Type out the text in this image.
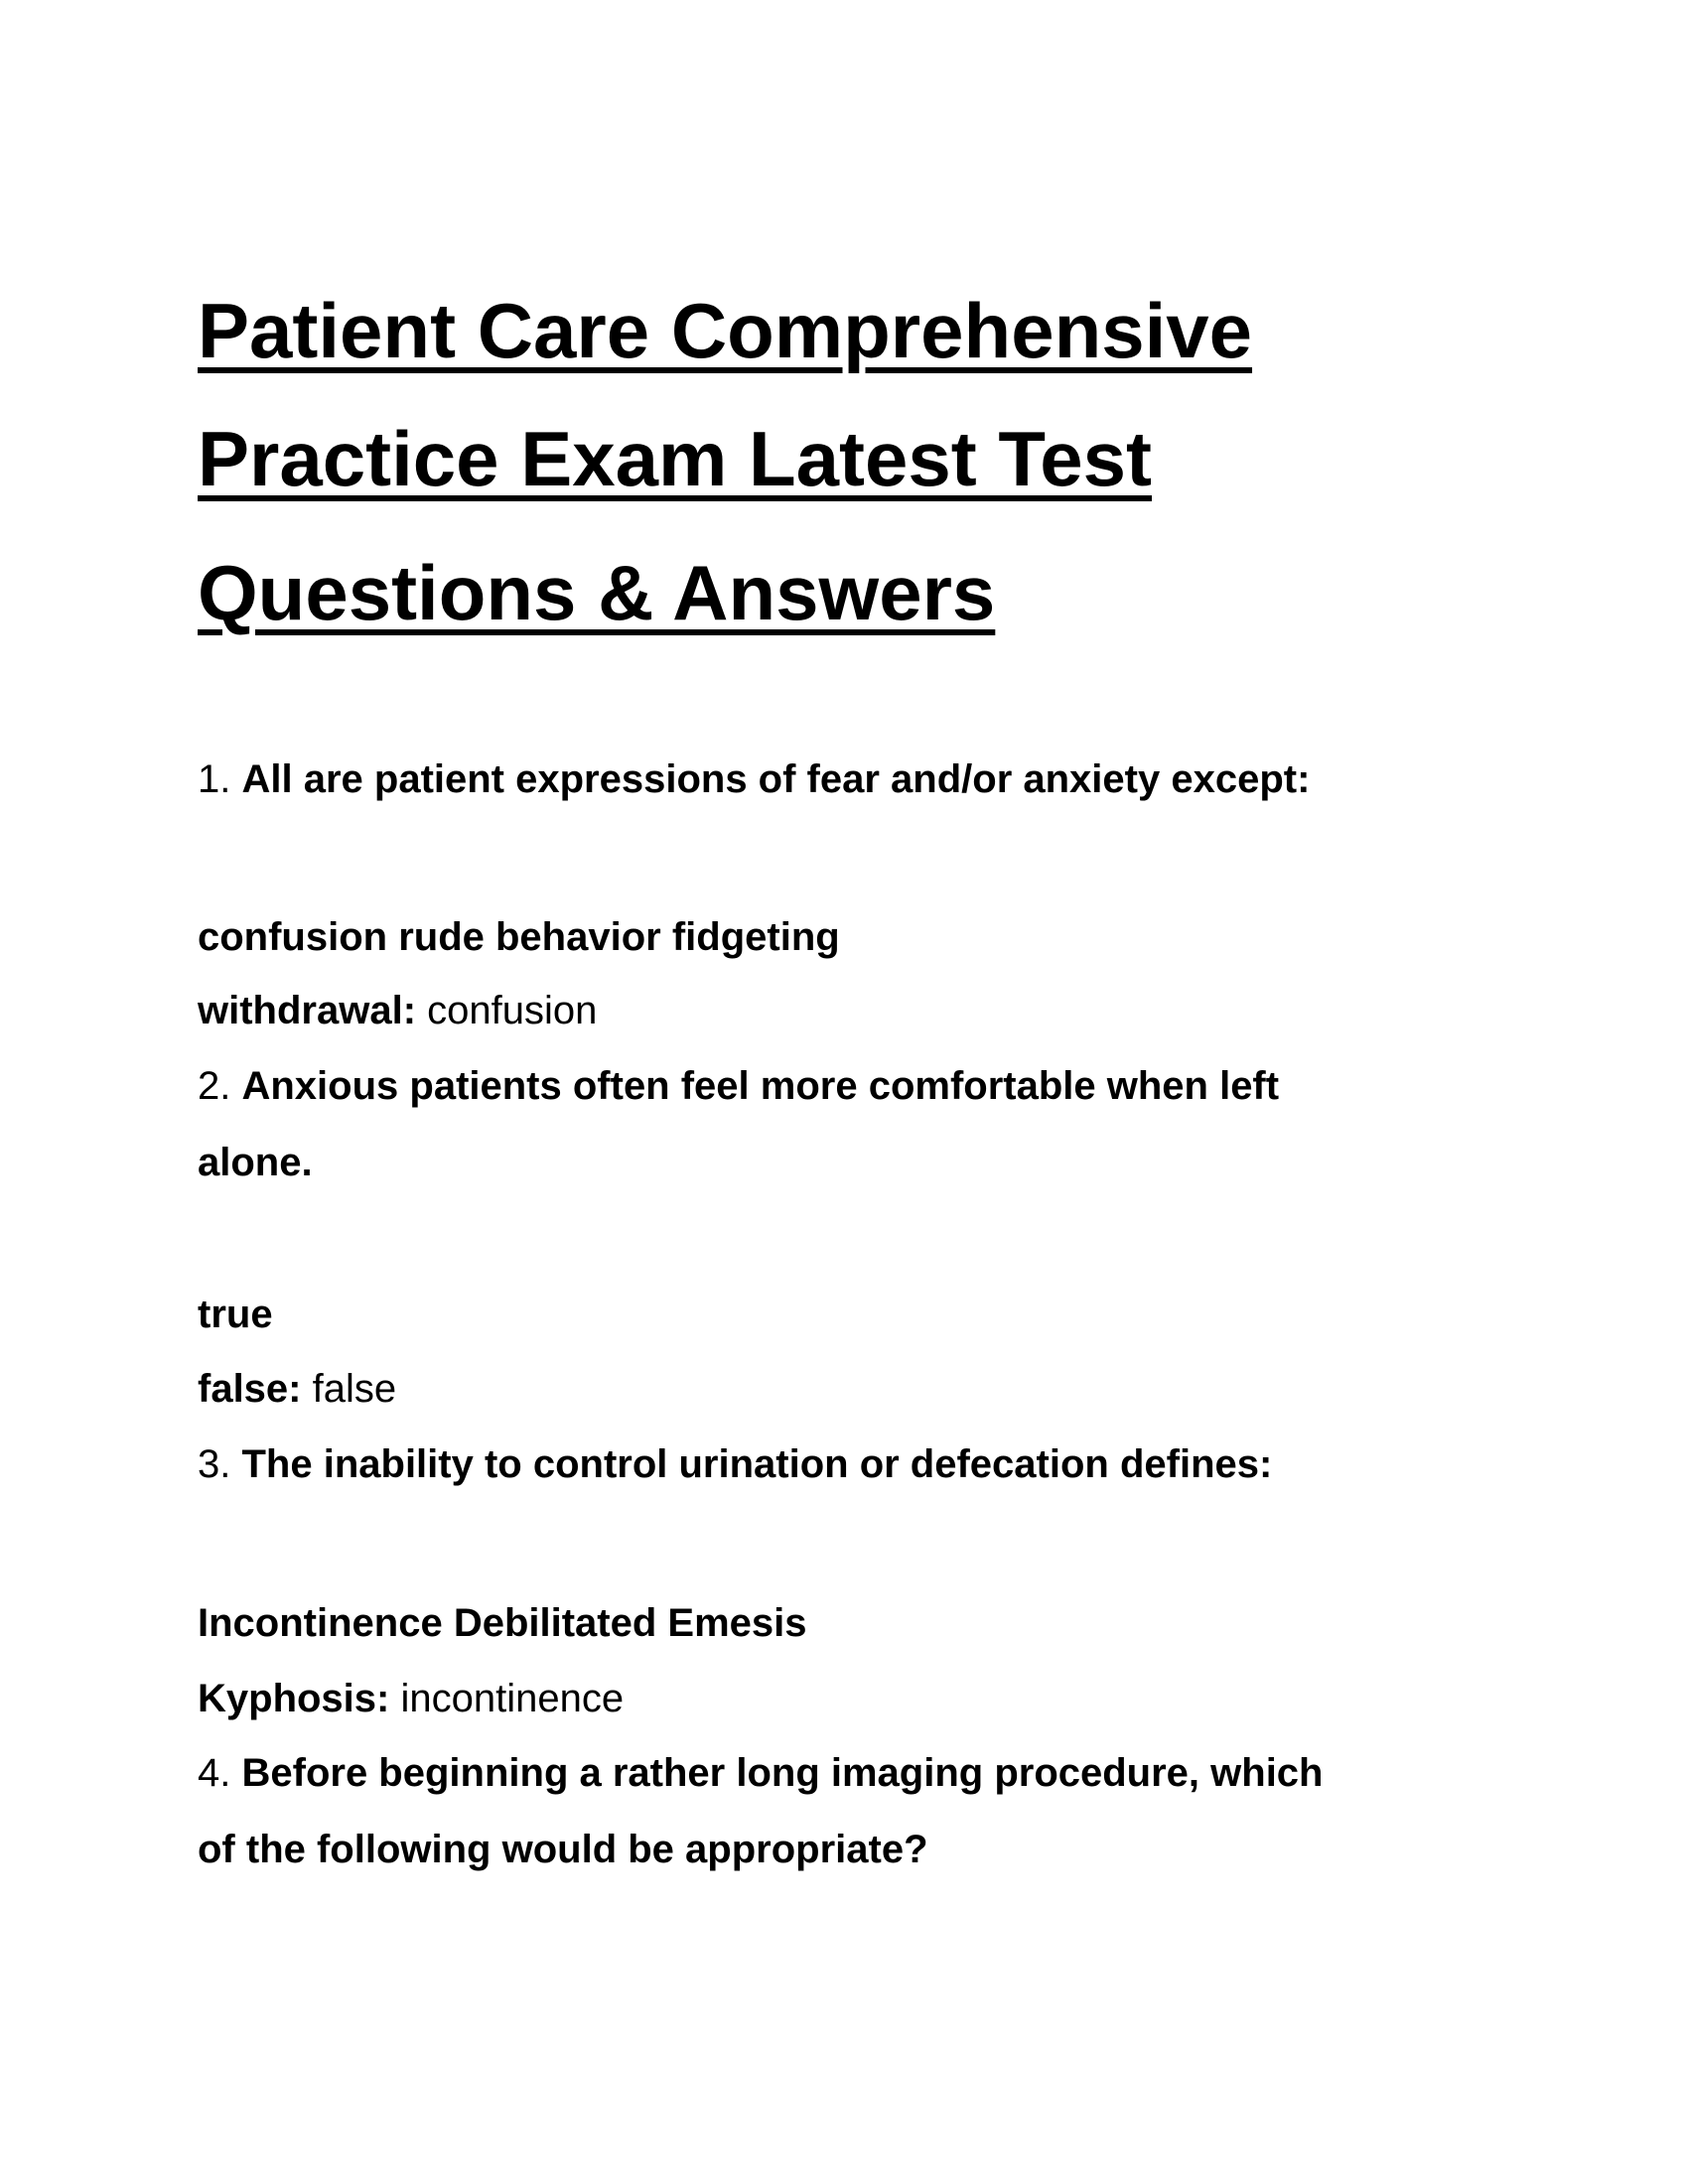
Patient Care Comprehensive
Practice Exam Latest Test
Questions & Answers
1. All are patient expressions of fear and/or anxiety except:
confusion rude behavior fidgeting
withdrawal: confusion
2. Anxious patients often feel more comfortable when left
alone.
true
false: false
3. The inability to control urination or defecation defines:
Incontinence Debilitated Emesis
Kyphosis: incontinence
4. Before beginning a rather long imaging procedure, which
of the following would be appropriate?
